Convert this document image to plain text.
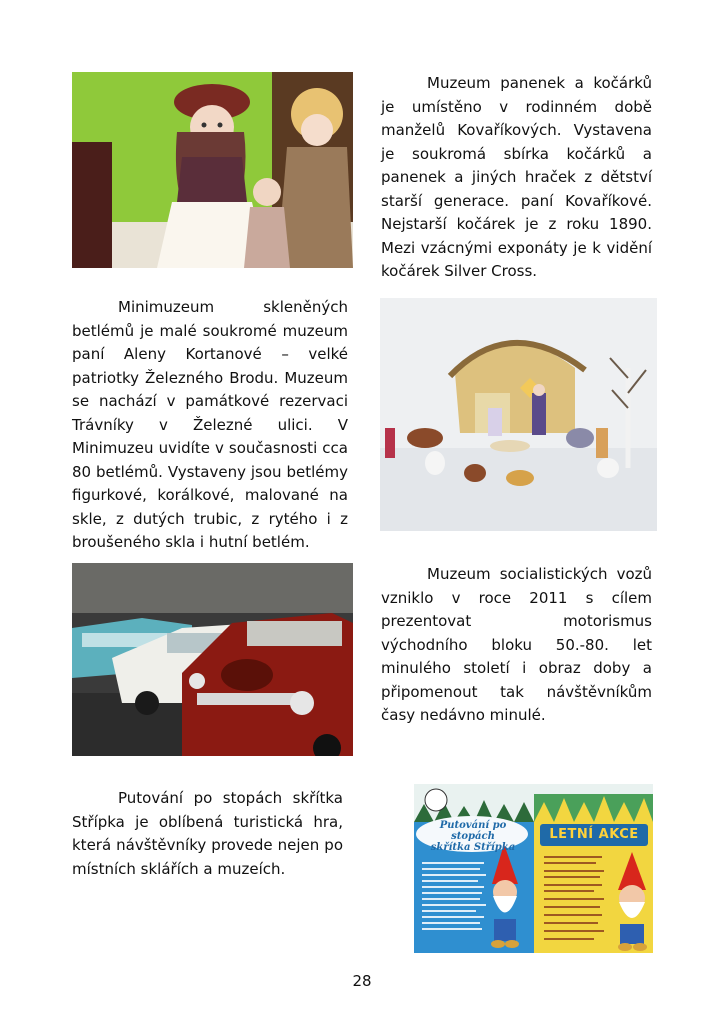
Muzeum panenek a kočárků je umístěno v rodinném době manželů Kovaříkových. Vystavena je soukromá sbírka kočárků a panenek a jiných hraček z dětství starší generace. paní Kovaříkové. Nejstarší kočárek je z roku 1890. Mezi vzácnými exponáty je k vidění kočárek Silver Cross.

Minimuzeum skleněných betlémů je malé soukromé muzeum paní Aleny Kortanové – velké patriotky Železného Brodu. Muzeum se nachází v památkové rezervaci Trávníky v Železné ulici. V Minimuzeu uvidíte v současnosti cca 80 betlémů. Vystaveny jsou betlémy figurkové, korálkové, malované na skle, z dutých trubic, z rytého i z broušeného skla i hutní betlém.

Muzeum socialistických vozů vzniklo v roce 2011 s cílem prezentovat motorismus východního bloku 50.-80. let minulého století i obraz doby a připomenout tak návštěvníkům časy nedávno minulé.

Putování po stopách skřítka Střípka je oblíbená turistická hra, která návštěvníky provede nejen po místních sklářích a muzeích.

Putování po stopách
skřítka Střípka
LETNÍ AKCE
28
